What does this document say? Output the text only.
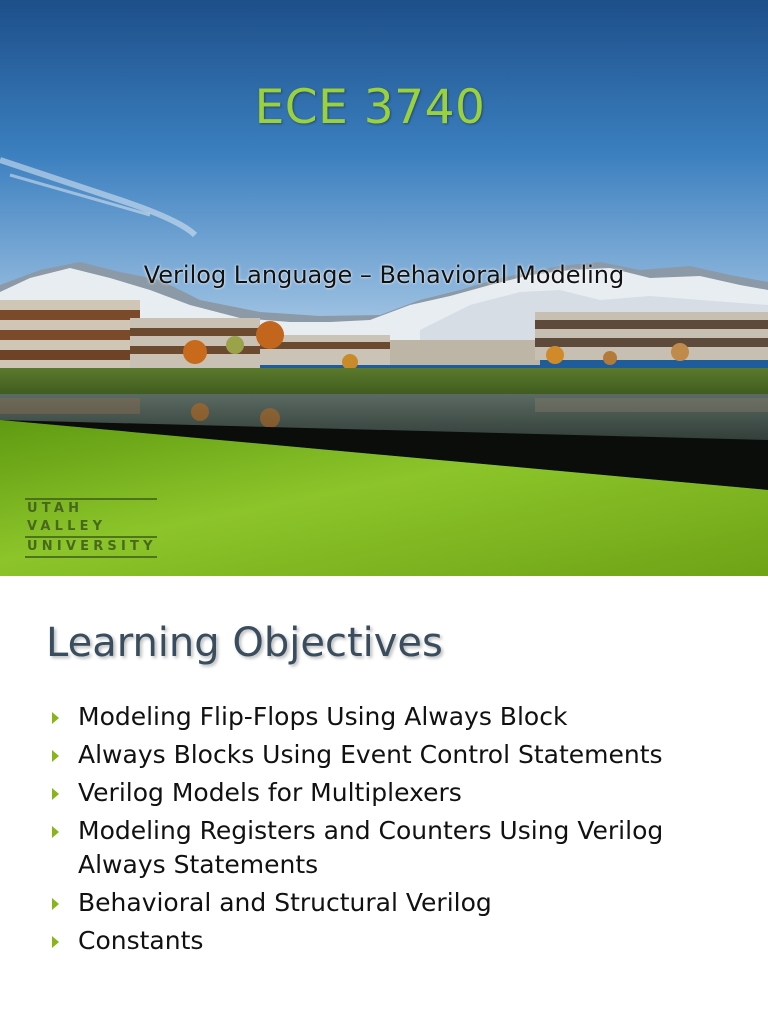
ECE 3740
Verilog Language – Behavioral Modeling
UTAH VALLEY
UNIVERSITY
Learning Objectives
Modeling Flip-Flops Using Always Block
Always Blocks Using Event Control Statements
Verilog Models for Multiplexers
Modeling Registers and Counters Using Verilog Always Statements
Behavioral and Structural Verilog
Constants
